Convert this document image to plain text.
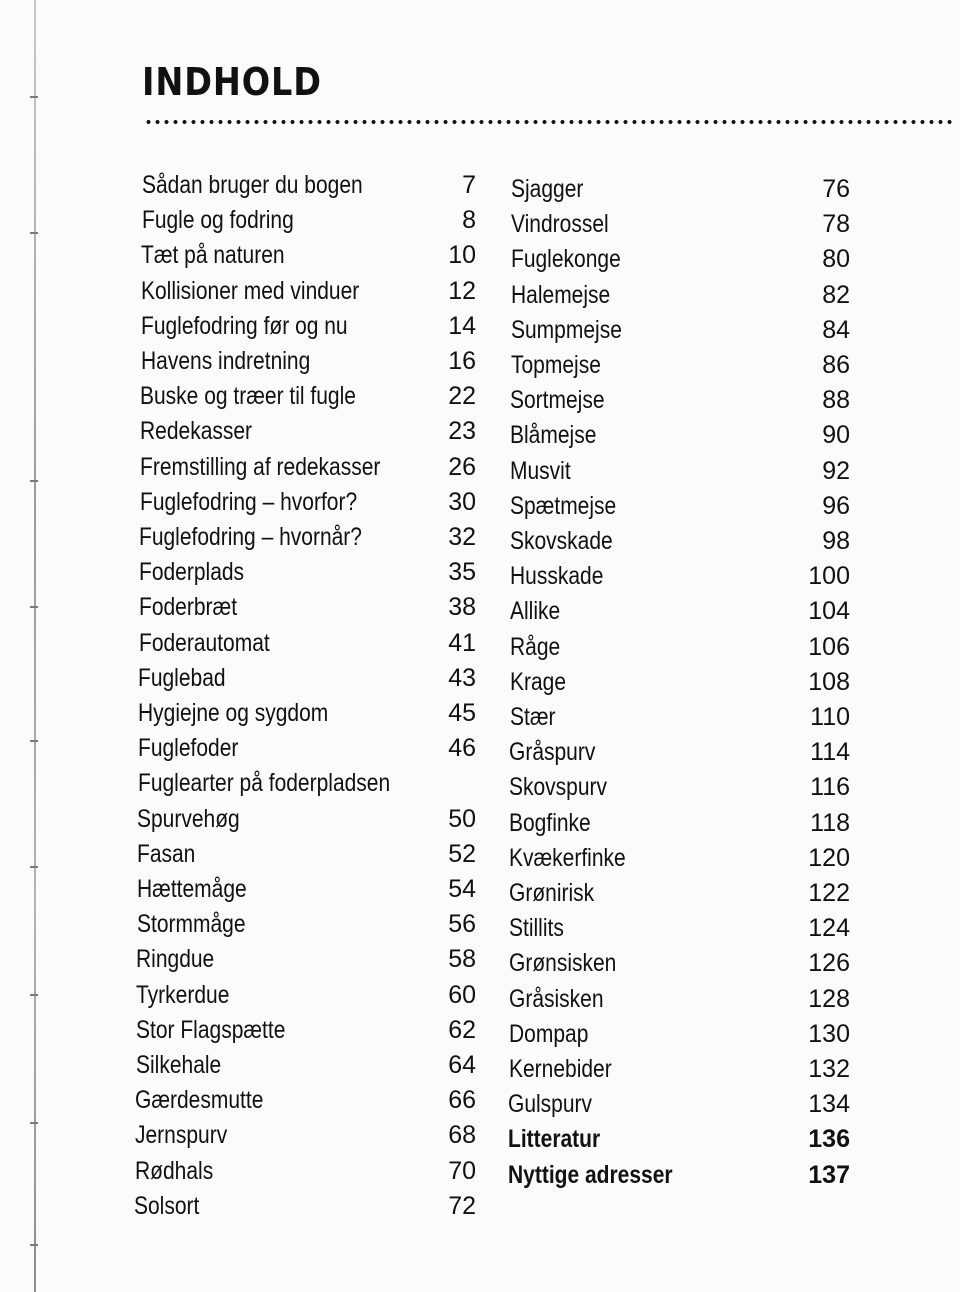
INDHOLD
Sådan bruger du bogen	7
Fugle og fodring	8
Tæt på naturen	10
Kollisioner med vinduer	12
Fuglefodring før og nu	14
Havens indretning	16
Buske og træer til fugle	22
Redekasser	23
Fremstilling af redekasser	26
Fuglefodring – hvorfor?	30
Fuglefodring – hvornår?	32
Foderplads	35
Foderbræt	38
Foderautomat	41
Fuglebad	43
Hygiejne og sygdom	45
Fuglefoder	46
Fuglearter på foderpladsen
Spurvehøg	50
Fasan	52
Hættemåge	54
Stormmåge	56
Ringdue	58
Tyrkerdue	60
Stor Flagspætte	62
Silkehale	64
Gærdesmutte	66
Jernspurv	68
Rødhals	70
Solsort	72
Sjagger	76
Vindrossel	78
Fuglekonge	80
Halemejse	82
Sumpmejse	84
Topmejse	86
Sortmejse	88
Blåmejse	90
Musvit	92
Spætmejse	96
Skovskade	98
Husskade	100
Allike	104
Råge	106
Krage	108
Stær	110
Gråspurv	114
Skovspurv	116
Bogfinke	118
Kvækerfinke	120
Grønirisk	122
Stillits	124
Grønsisken	126
Gråsisken	128
Dompap	130
Kernebider	132
Gulspurv	134
Litteratur	136
Nyttige adresser	137
